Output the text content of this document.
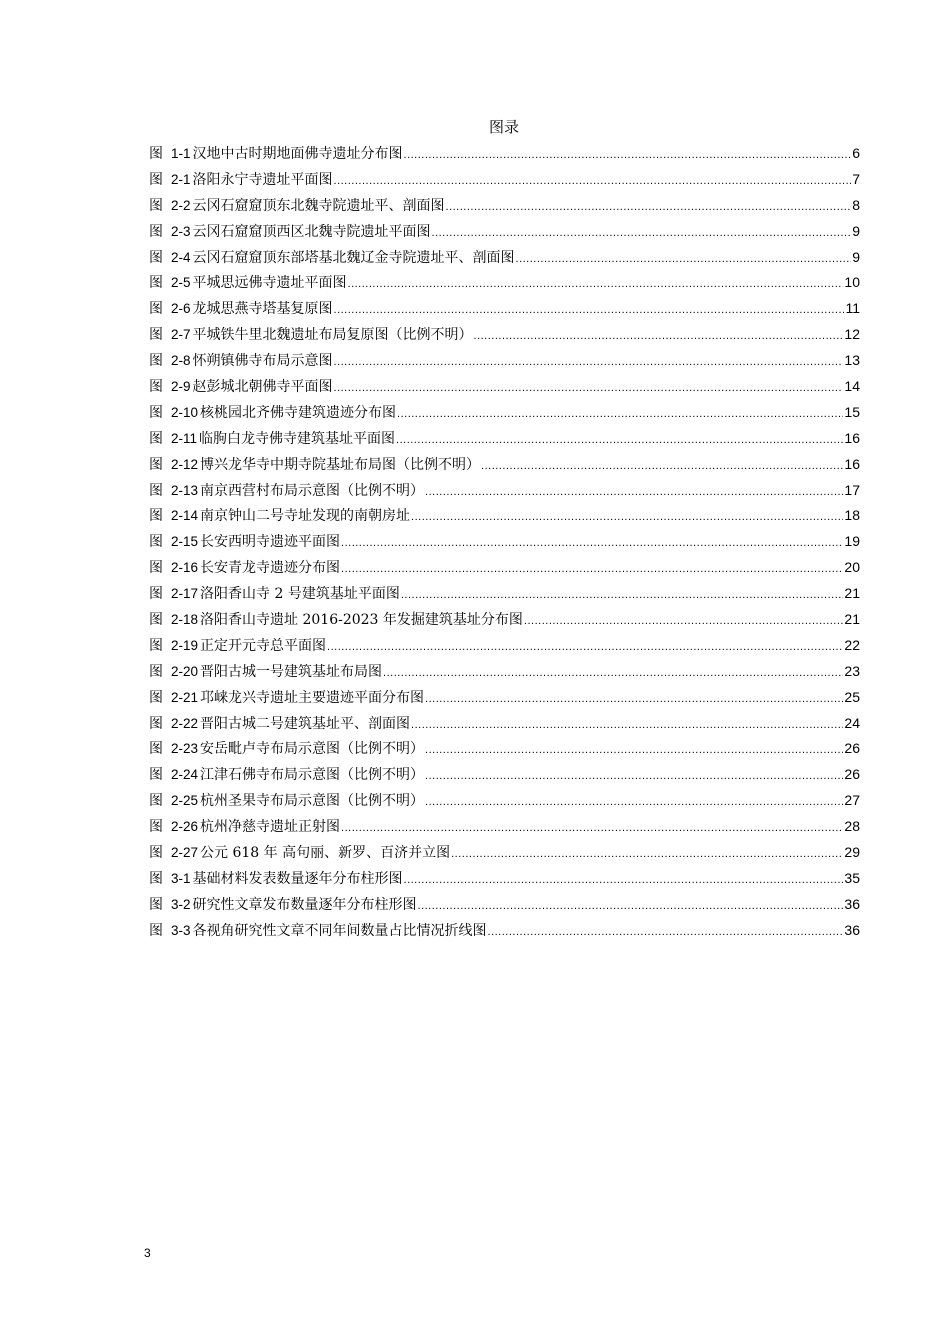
图录
图 1-1 汉地中古时期地面佛寺遗址分布图 .....	6
图 2-1 洛阳永宁寺遗址平面图 .....	7
图 2-2 云冈石窟窟顶东北魏寺院遗址平、剖面图 .....	8
图 2-3 云冈石窟窟顶西区北魏寺院遗址平面图 .....	9
图 2-4 云冈石窟窟顶东部塔基北魏辽金寺院遗址平、剖面图 .....	9
图 2-5 平城思远佛寺遗址平面图 .....	10
图 2-6 龙城思燕寺塔基复原图 .....	11
图 2-7 平城铁牛里北魏遗址布局复原图（比例不明） .....	12
图 2-8 怀朔镇佛寺布局示意图 .....	13
图 2-9 赵彭城北朝佛寺平面图 .....	14
图 2-10 核桃园北齐佛寺建筑遗迹分布图 .....	15
图 2-11 临朐白龙寺佛寺建筑基址平面图 .....	16
图 2-12 博兴龙华寺中期寺院基址布局图（比例不明） .....	16
图 2-13 南京西营村布局示意图（比例不明） .....	17
图 2-14 南京钟山二号寺址发现的南朝房址 .....	18
图 2-15 长安西明寺遗迹平面图 .....	19
图 2-16 长安青龙寺遗迹分布图 .....	20
图 2-17 洛阳香山寺 2 号建筑基址平面图 .....	21
图 2-18 洛阳香山寺遗址 2016-2023 年发掘建筑基址分布图 .....	21
图 2-19 正定开元寺总平面图 .....	22
图 2-20 晋阳古城一号建筑基址布局图 .....	23
图 2-21 邛崃龙兴寺遗址主要遗迹平面分布图 .....	25
图 2-22 晋阳古城二号建筑基址平、剖面图 .....	24
图 2-23 安岳毗卢寺布局示意图（比例不明） .....	26
图 2-24 江津石佛寺布局示意图（比例不明） .....	26
图 2-25 杭州圣果寺布局示意图（比例不明） .....	27
图 2-26 杭州净慈寺遗址正射图 .....	28
图 2-27 公元 618 年 高句丽、新罗、百济并立图 .....	29
图 3-1 基础材料发表数量逐年分布柱形图 .....	35
图 3-2 研究性文章发布数量逐年分布柱形图 .....	36
图 3-3 各视角研究性文章不同年间数量占比情况折线图 .....	36
3
